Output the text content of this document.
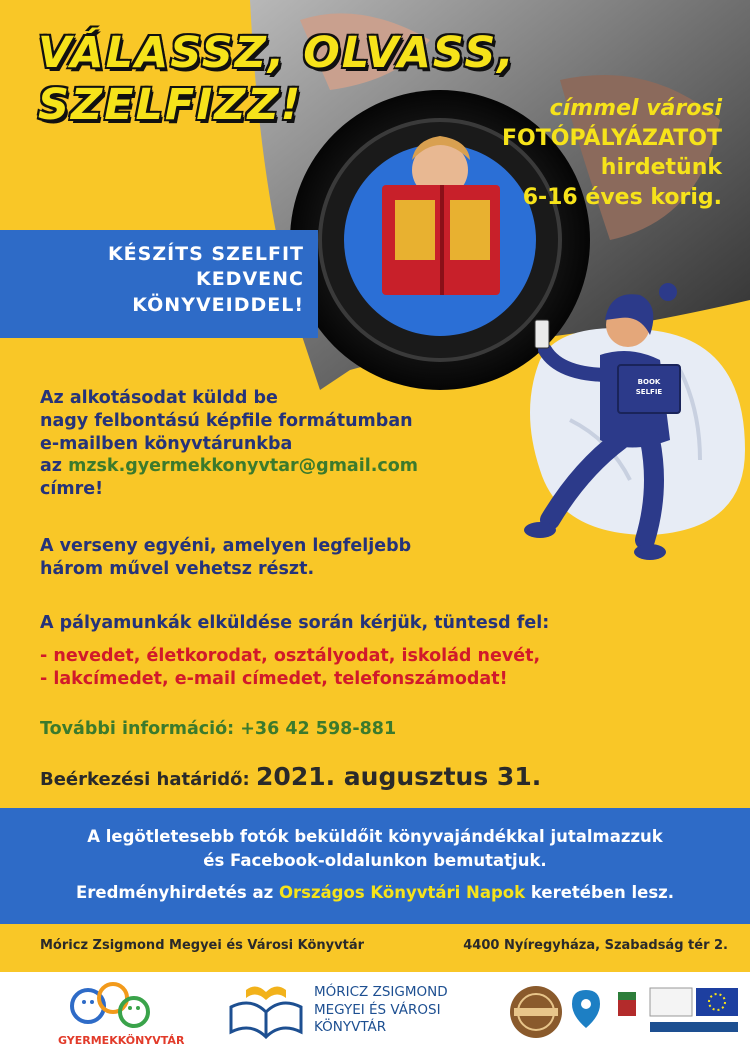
VÁLASSZ, OLVASS,
SZELFIZZ!	címmel városi
FOTÓPÁLYÁZATOT
hirdetünk
6-16 éves korig.
KÉSZÍTS SZELFIT
KEDVENC
KÖNYVEIDDEL!
BOOK
SELFIE
Az alkotásodat küldd be
nagy felbontású képfile formátumban
e-mailben könyvtárunkba
az mzsk.gyermekkonyvtar@gmail.com
címre!
A verseny egyéni, amelyen legfeljebb
három művel vehetsz részt.
A pályamunkák elküldése során kérjük, tüntesd fel:
- nevedet, életkorodat, osztályodat, iskolád nevét,
- lakcímedet, e-mail címedet, telefonszámodat!
További információ: +36 42 598-881
Beérkezési határidő: 2021. augusztus 31.
A legötletesebb fotók beküldőit könyvajándékkal jutalmazzuk
és Facebook-oldalunkon bemutatjuk.
Eredményhirdetés az Országos Könyvtári Napok keretében lesz.
Móricz Zsigmond Megyei és Városi Könyvtár	4400 Nyíregyháza, Szabadság tér 2.
GYERMEKKÖNYVTÁR
MÓRICZ ZSIGMOND
MEGYEI ÉS VÁROSI
KÖNYVTÁR
